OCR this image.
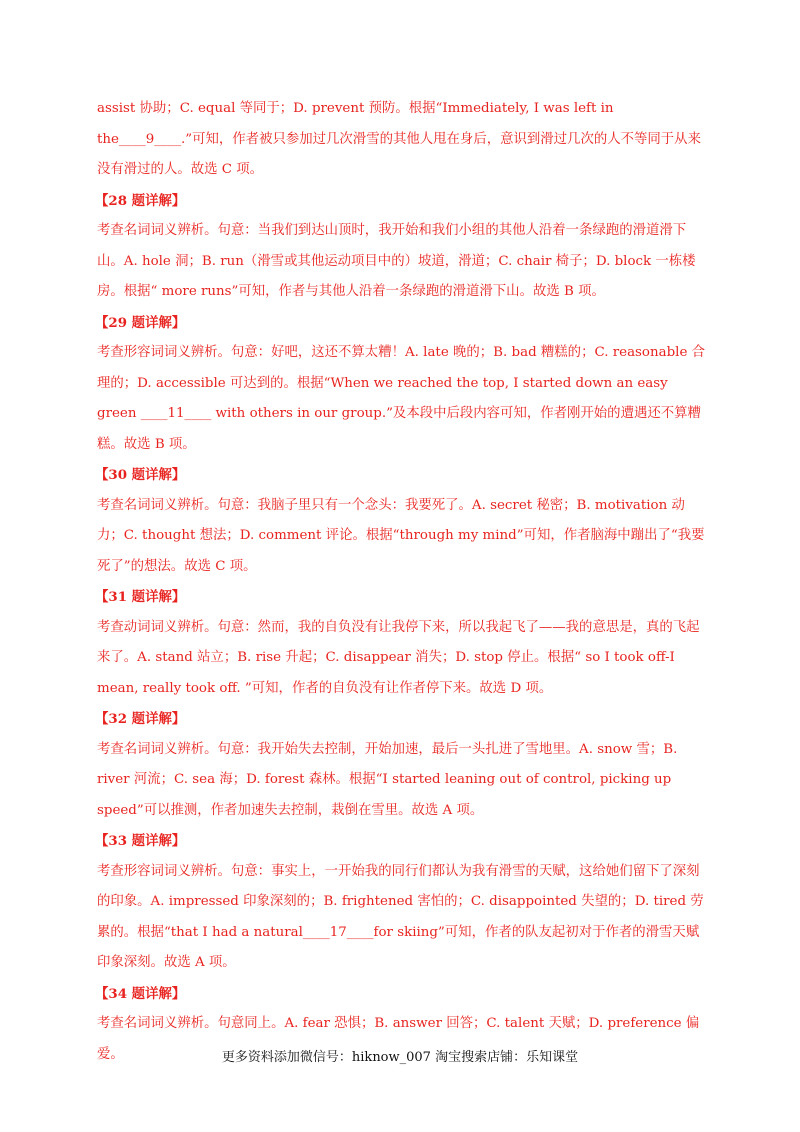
assist 协助；C. equal 等同于；D. prevent 预防。根据“Immediately, I was left in the____9____.”可知，作者被只参加过几次滑雪的其他人甩在身后，意识到滑过几次的人不等同于从来没有滑过的人。故选 C 项。

【28 题详解】

考查名词词义辨析。句意：当我们到达山顶时，我开始和我们小组的其他人沿着一条绿跑的滑道滑下山。A. hole 洞；B. run（滑雪或其他运动项目中的）坡道，滑道；C. chair 椅子；D. block 一栋楼房。根据“ more runs”可知，作者与其他人沿着一条绿跑的滑道滑下山。故选 B 项。

【29 题详解】

考查形容词词义辨析。句意：好吧，这还不算太糟！A. late 晚的；B. bad 糟糕的；C. reasonable 合理的；D. accessible 可达到的。根据“When we reached the top, I started down an easy green ____11____ with others in our group.”及本段中后段内容可知，作者刚开始的遭遇还不算糟糕。故选 B 项。

【30 题详解】

考查名词词义辨析。句意：我脑子里只有一个念头：我要死了。A. secret 秘密；B. motivation 动力；C. thought 想法；D. comment 评论。根据“through my mind”可知，作者脑海中蹦出了“我要死了”的想法。故选 C 项。

【31 题详解】

考查动词词义辨析。句意：然而，我的自负没有让我停下来，所以我起飞了——我的意思是，真的飞起来了。A. stand 站立；B. rise 升起；C. disappear 消失；D. stop 停止。根据“ so I took off-I mean, really took off. ”可知，作者的自负没有让作者停下来。故选 D 项。

【32 题详解】

考查名词词义辨析。句意：我开始失去控制，开始加速，最后一头扎进了雪地里。A. snow 雪；B. river 河流；C. sea 海；D. forest 森林。根据“I started leaning out of control, picking up speed”可以推测，作者加速失去控制，栽倒在雪里。故选 A 项。

【33 题详解】

考查形容词词义辨析。句意：事实上，一开始我的同行们都认为我有滑雪的天赋，这给她们留下了深刻的印象。A. impressed 印象深刻的；B. frightened 害怕的；C. disappointed 失望的；D. tired 劳累的。根据“that I had a natural____17____for skiing”可知，作者的队友起初对于作者的滑雪天赋印象深刻。故选 A 项。

【34 题详解】

考查名词词义辨析。句意同上。A. fear 恐惧；B. answer 回答；C. talent 天赋；D. preference 偏爱。	更多资料添加微信号：hiknow_007 淘宝搜索店铺：乐知课堂
